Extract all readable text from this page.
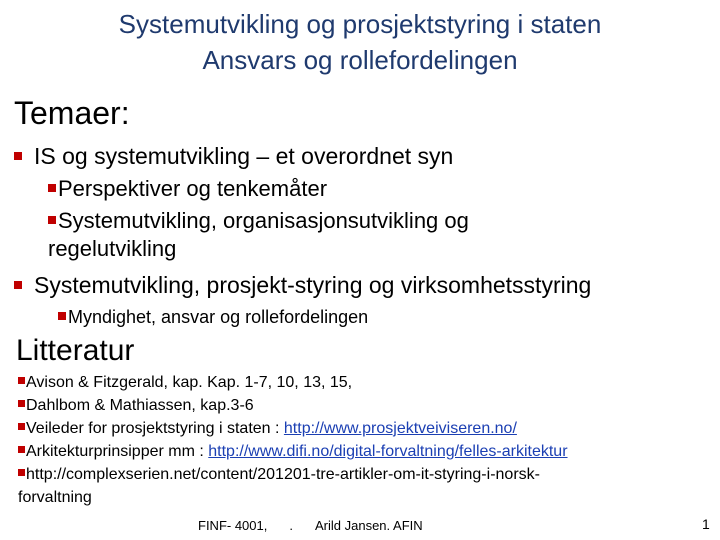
Systemutvikling og prosjektstyring i staten
Ansvars og rollefordelingen
Temaer:
IS og systemutvikling – et overordnet syn
Perspektiver og tenkemåter
Systemutvikling, organisasjonsutvikling og
regelutvikling
Systemutvikling, prosjekt-styring og virksomhetsstyring
Myndighet, ansvar og rollefordelingen
Litteratur
Avison & Fitzgerald, kap. Kap. 1-7, 10, 13, 15,
Dahlbom & Mathiassen, kap.3-6
Veileder for prosjektstyring i staten : http://www.prosjektveiviseren.no/
Arkitekturprinsipper mm : http://www.difi.no/digital-forvaltning/felles-arkitektur
http://complexserien.net/content/201201-tre-artikler-om-it-styring-i-norsk-
forvaltning
FINF- 4001, . Arild Jansen. AFIN	1
